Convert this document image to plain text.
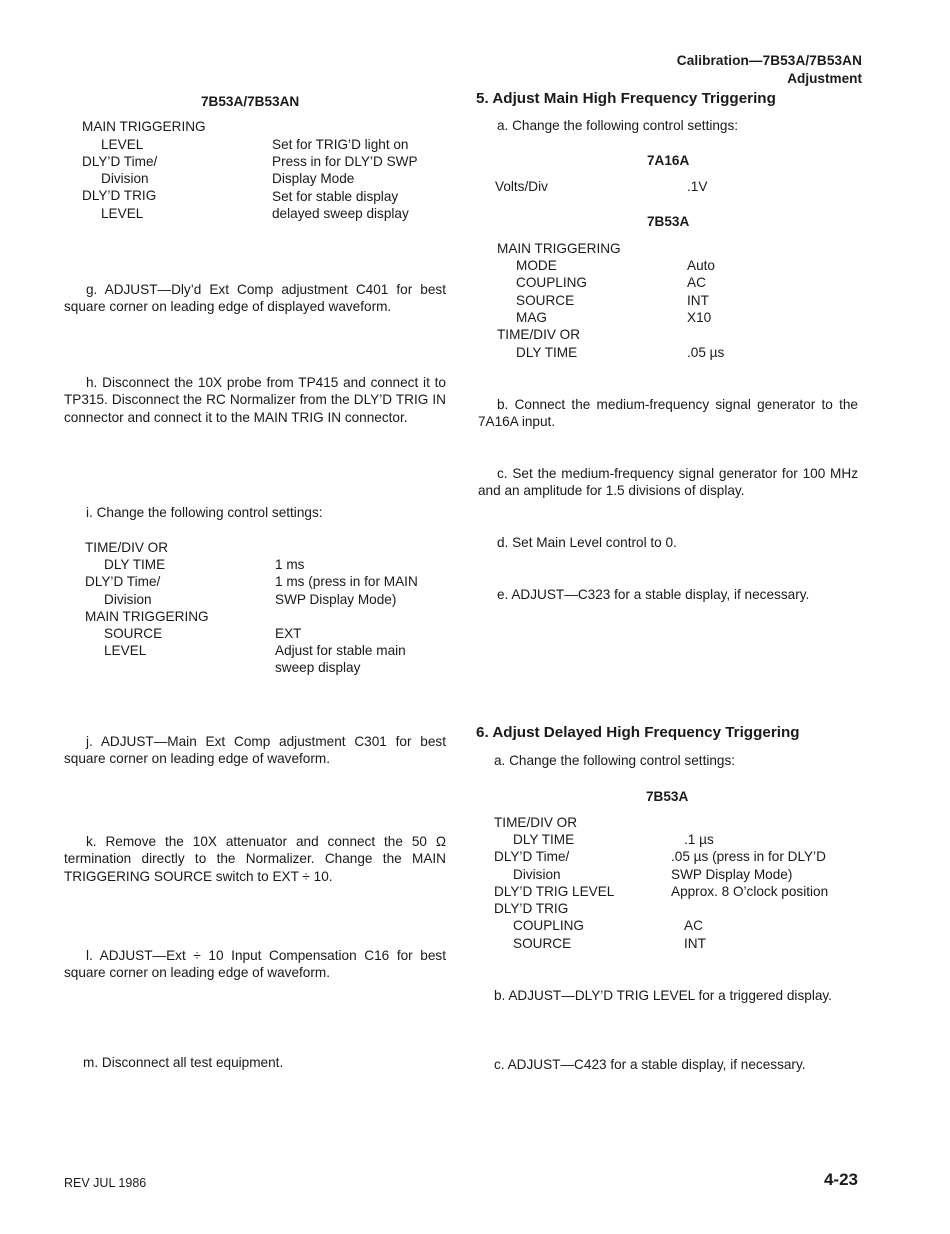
Calibration—7B53A/7B53AN
Adjustment
7B53A/7B53AN
MAIN TRIGGERING
LEVEL	Set for TRIG’D light on
DLY’D Time/	Press in for DLY’D SWP
Division	Display Mode
DLY’D TRIG	Set for stable display
LEVEL	delayed sweep display

g. ADJUST—Dly’d Ext Comp adjustment C401 for best square corner on leading edge of displayed waveform.

h. Disconnect the 10X probe from TP415 and connect it to TP315. Disconnect the RC Normalizer from the DLY’D TRIG IN connector and connect it to the MAIN TRIG IN connector.

i. Change the following control settings:

TIME/DIV OR
DLY TIME	1 ms
DLY’D Time/	1 ms (press in for MAIN
Division	SWP Display Mode)
MAIN TRIGGERING
SOURCE	EXT
LEVEL	Adjust for stable main
sweep display

j. ADJUST—Main Ext Comp adjustment C301 for best square corner on leading edge of waveform.

k. Remove the 10X attenuator and connect the 50 Ω termination directly to the Normalizer. Change the MAIN TRIGGERING SOURCE switch to EXT ÷ 10.

l. ADJUST—Ext ÷ 10 Input Compensation C16 for best square corner on leading edge of waveform.

m. Disconnect all test equipment.

5. Adjust Main High Frequency Triggering

a. Change the following control settings:

7A16A
Volts/Div	.1V
7B53A
MAIN TRIGGERING
MODE	Auto
COUPLING	AC
SOURCE	INT
MAG	X10
TIME/DIV OR
DLY TIME	.05 µs

b. Connect the medium-frequency signal generator to the 7A16A input.

c. Set the medium-frequency signal generator for 100 MHz and an amplitude for 1.5 divisions of display.

d. Set Main Level control to 0.

e. ADJUST—C323 for a stable display, if necessary.

6. Adjust Delayed High Frequency Triggering

a. Change the following control settings:

7B53A
TIME/DIV OR
DLY TIME	.1 µs
DLY’D Time/	.05 µs (press in for DLY’D
Division	SWP Display Mode)
DLY’D TRIG LEVEL	Approx. 8 O’clock position
DLY’D TRIG
COUPLING	AC
SOURCE	INT

b. ADJUST—DLY’D TRIG LEVEL for a triggered display.

c. ADJUST—C423 for a stable display, if necessary.

REV JUL 1986	4-23
